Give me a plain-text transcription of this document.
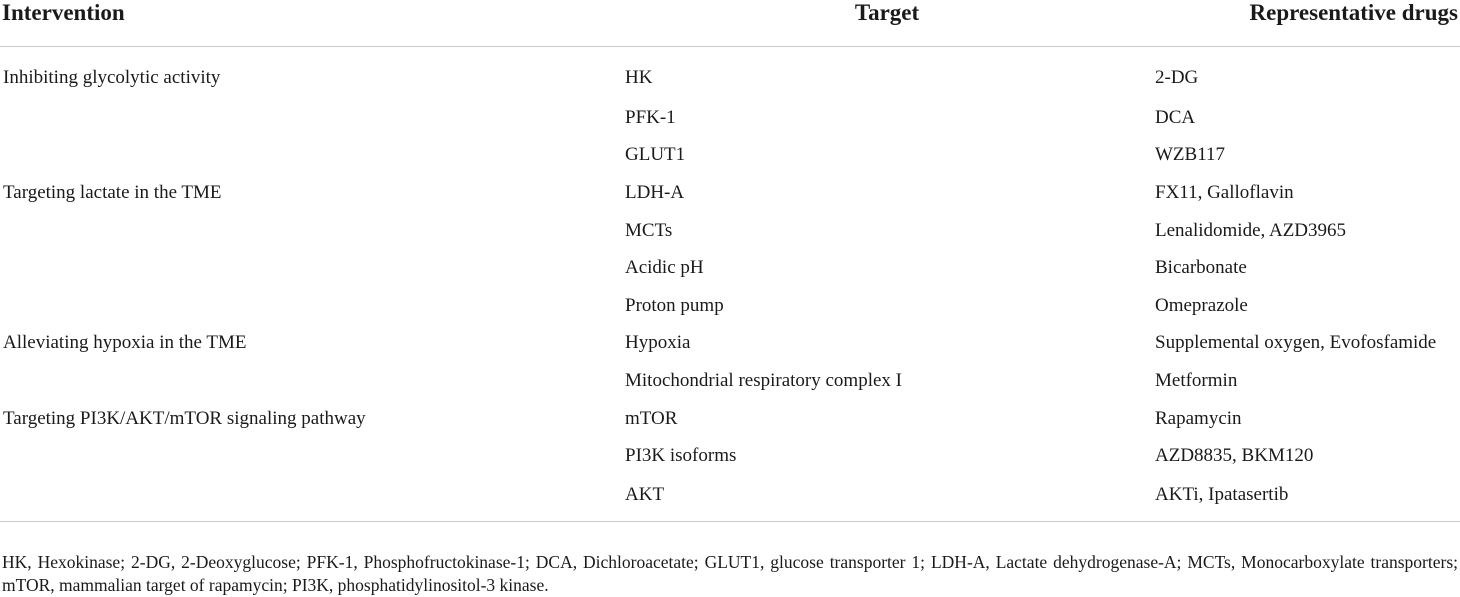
Intervention	Target	Representative drugs
Inhibiting glycolytic activity	HK	2-DG
	PFK-1	DCA
	GLUT1	WZB117
Targeting lactate in the TME	LDH-A	FX11, Galloflavin
	MCTs	Lenalidomide, AZD3965
	Acidic pH	Bicarbonate
	Proton pump	Omeprazole
Alleviating hypoxia in the TME	Hypoxia	Supplemental oxygen, Evofosfamide
	Mitochondrial respiratory complex I	Metformin
Targeting PI3K/AKT/mTOR signaling pathway	mTOR	Rapamycin
	PI3K isoforms	AZD8835, BKM120
	AKT	AKTi, Ipatasertib

HK, Hexokinase; 2-DG, 2-Deoxyglucose; PFK-1, Phosphofructokinase-1; DCA, Dichloroacetate; GLUT1, glucose transporter 1; LDH-A, Lactate dehydrogenase-A; MCTs, Monocarboxylate transporters; mTOR, mammalian target of rapamycin; PI3K, phosphatidylinositol-3 kinase.
